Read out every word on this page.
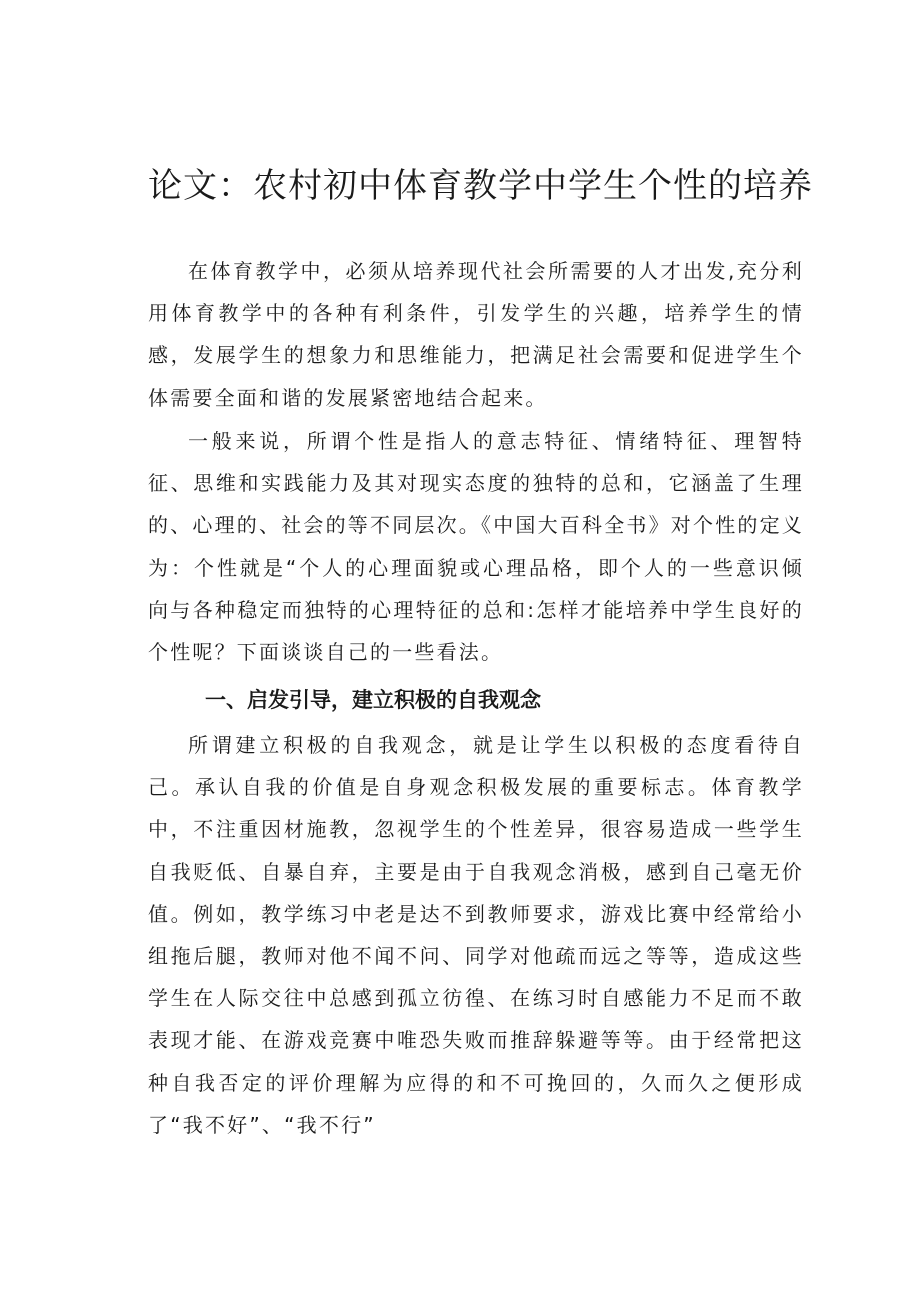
论文：农村初中体育教学中学生个性的培养

在体育教学中，必须从培养现代社会所需要的人才出发,充分利用体育教学中的各种有利条件，引发学生的兴趣，培养学生的情感，发展学生的想象力和思维能力，把满足社会需要和促进学生个体需要全面和谐的发展紧密地结合起来。

一般来说，所谓个性是指人的意志特征、情绪特征、理智特征、思维和实践能力及其对现实态度的独特的总和，它涵盖了生理的、心理的、社会的等不同层次。《中国大百科全书》对个性的定义为：个性就是“个人的心理面貌或心理品格，即个人的一些意识倾向与各种稳定而独特的心理特征的总和:怎样才能培养中学生良好的个性呢？下面谈谈自己的一些看法。

一、启发引导，建立积极的自我观念

所谓建立积极的自我观念，就是让学生以积极的态度看待自己。承认自我的价值是自身观念积极发展的重要标志。体育教学中，不注重因材施教，忽视学生的个性差异，很容易造成一些学生自我贬低、自暴自弃，主要是由于自我观念消极，感到自己毫无价值。例如，教学练习中老是达不到教师要求，游戏比赛中经常给小组拖后腿，教师对他不闻不问、同学对他疏而远之等等，造成这些学生在人际交往中总感到孤立彷徨、在练习时自感能力不足而不敢表现才能、在游戏竞赛中唯恐失败而推辞躲避等等。由于经常把这种自我否定的评价理解为应得的和不可挽回的，久而久之便形成了“我不好”、“我不行”
